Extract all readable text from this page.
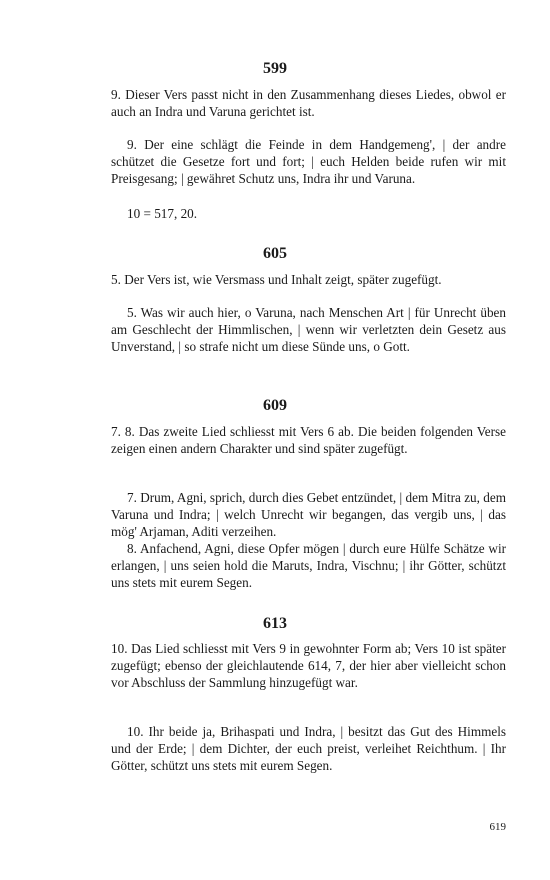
599

9. Dieser Vers passt nicht in den Zusammenhang dieses Liedes, obwol er auch an Indra und Varuna gerichtet ist.

9. Der eine schlägt die Feinde in dem Handgemeng', | der andre schützet die Gesetze fort und fort; | euch Helden beide rufen wir mit Preisgesang; | gewähret Schutz uns, Indra ihr und Varuna.

10 = 517, 20.

605

5. Der Vers ist, wie Versmass und Inhalt zeigt, später zugefügt.

5. Was wir auch hier, o Varuna, nach Menschen Art | für Unrecht üben am Geschlecht der Himmlischen, | wenn wir verletzten dein Gesetz aus Unverstand, | so strafe nicht um diese Sünde uns, o Gott.

609

7. 8. Das zweite Lied schliesst mit Vers 6 ab. Die beiden folgenden Verse zeigen einen andern Charakter und sind später zugefügt.

7. Drum, Agni, sprich, durch dies Gebet entzündet, | dem Mitra zu, dem Varuna und Indra; | welch Unrecht wir begangen, das vergib uns, | das mög' Arjaman, Aditi verzeihen.

8. Anfachend, Agni, diese Opfer mögen | durch eure Hülfe Schätze wir erlangen, | uns seien hold die Maruts, Indra, Vischnu; | ihr Götter, schützt uns stets mit eurem Segen.

613

10. Das Lied schliesst mit Vers 9 in gewohnter Form ab; Vers 10 ist später zugefügt; ebenso der gleichlautende 614, 7, der hier aber vielleicht schon vor Abschluss der Sammlung hinzugefügt war.

10. Ihr beide ja, Brihaspati und Indra, | besitzt das Gut des Himmels und der Erde; | dem Dichter, der euch preist, verleihet Reichthum. | Ihr Götter, schützt uns stets mit eurem Segen.

619
